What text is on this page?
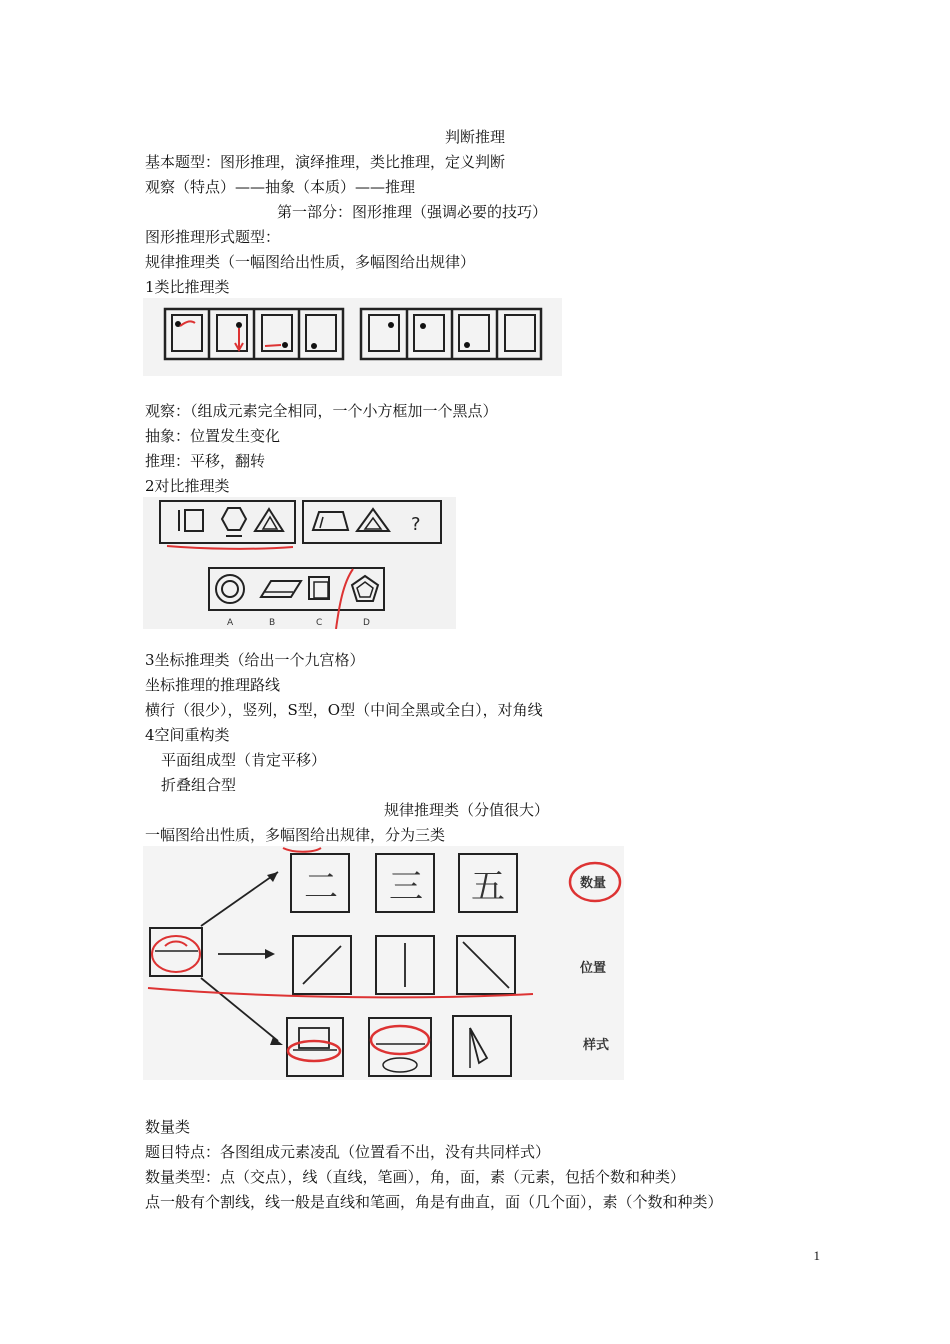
判断推理
基本题型：图形推理，演绎推理，类比推理，定义判断
观察（特点）——抽象（本质）——推理
第一部分：图形推理（强调必要的技巧）
图形推理形式题型：
规律推理类（一幅图给出性质，多幅图给出规律）
1类比推理类
观察：（组成元素完全相同，一个小方框加一个黑点）
抽象：位置发生变化
推理：平移，翻转
2对比推理类
?
A	B	C	D
3坐标推理类（给出一个九宫格）
坐标推理的推理路线
横行（很少），竖列，S型，O型（中间全黑或全白），对角线
4空间重构类
平面组成型（肯定平移）
折叠组合型
规律推理类（分值很大）
一幅图给出性质，多幅图给出规律，分为三类
二 三 五	数量
位置
样式
数量类
题目特点：各图组成元素凌乱（位置看不出，没有共同样式）
数量类型：点（交点），线（直线，笔画），角，面，素（元素，包括个数和种类）
点一般有个割线，线一般是直线和笔画，角是有曲直，面（几个面），素（个数和种类）
1
